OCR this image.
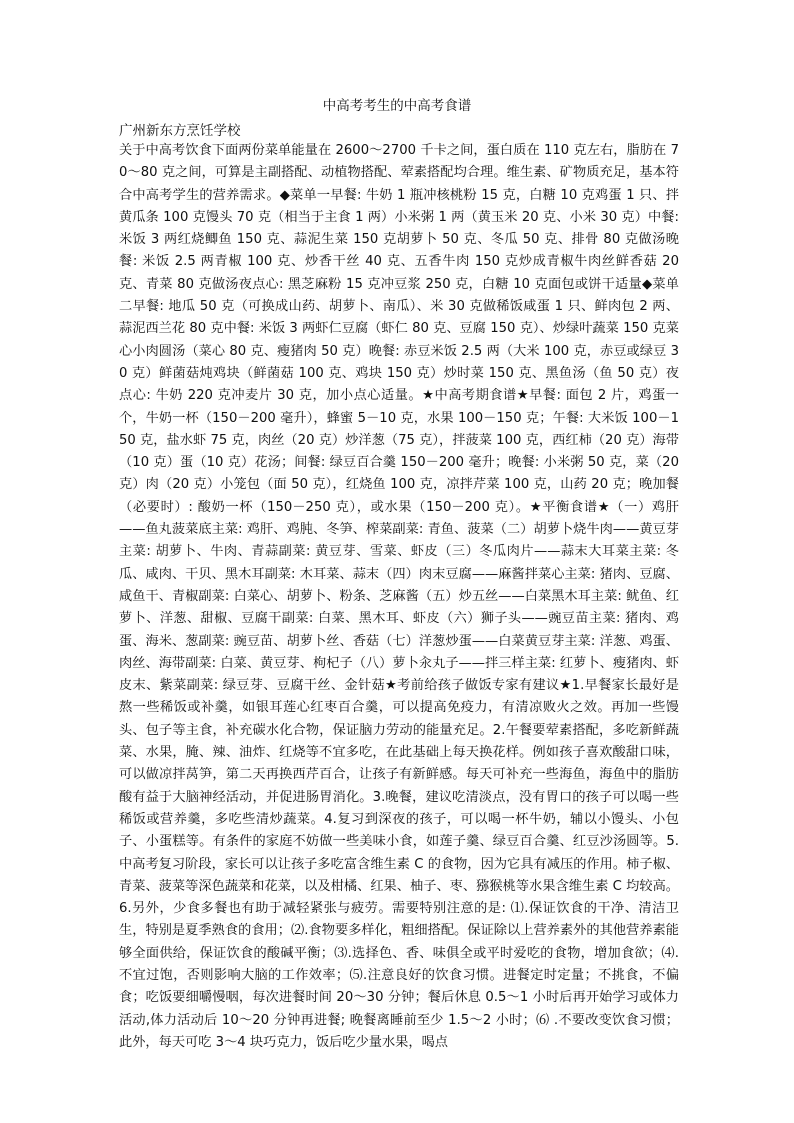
中高考考生的中高考食谱

广州新东方烹饪学校

关于中高考饮食下面两份菜单能量在 2600～2700 千卡之间，蛋白质在 110 克左右，脂肪在 70～80 克之间，可算是主副搭配、动植物搭配、荤素搭配均合理。维生素、矿物质充足，基本符合中高考学生的营养需求。◆菜单一早餐: 牛奶 1 瓶冲核桃粉 15 克，白糖 10 克鸡蛋 1 只、拌黄瓜条 100 克馒头 70 克（相当于主食 1 两）小米粥 1 两（黄玉米 20 克、小米 30 克）中餐: 米饭 3 两红烧鲫鱼 150 克、蒜泥生菜 150 克胡萝卜 50 克、冬瓜 50 克、排骨 80 克做汤晚餐: 米饭 2.5 两青椒 100 克、炒香干丝 40 克、五香牛肉 150 克炒成青椒牛肉丝鲜香菇 20 克、青菜 80 克做汤夜点心: 黑芝麻粉 15 克冲豆浆 250 克，白糖 10 克面包或饼干适量◆菜单二早餐: 地瓜 50 克（可换成山药、胡萝卜、南瓜）、米 30 克做稀饭咸蛋 1 只、鲜肉包 2 两、蒜泥西兰花 80 克中餐: 米饭 3 两虾仁豆腐（虾仁 80 克、豆腐 150 克）、炒绿叶蔬菜 150 克菜心小肉圆汤（菜心 80 克、瘦猪肉 50 克）晚餐: 赤豆米饭 2.5 两（大米 100 克，赤豆或绿豆 30 克）鲜菌菇炖鸡块（鲜菌菇 100 克、鸡块 150 克）炒时菜 150 克、黑鱼汤（鱼 50 克）夜点心: 牛奶 220 克冲麦片 30 克，加小点心适量。★中高考期食谱★早餐: 面包 2 片，鸡蛋一个，牛奶一杯（150－200 毫升），蜂蜜 5－10 克，水果 100－150 克；午餐: 大米饭 100－150 克，盐水虾 75 克，肉丝（20 克）炒洋葱（75 克），拌菠菜 100 克，西红柿（20 克）海带（10 克）蛋（10 克）花汤；间餐: 绿豆百合羹 150－200 毫升；晚餐: 小米粥 50 克，菜（20 克）肉（20 克）小笼包（面 50 克），红烧鱼 100 克，凉拌芹菜 100 克，山药 20 克；晚加餐（必要时）: 酸奶一杯（150－250 克），或水果（150－200 克）。★平衡食谱★（一）鸡肝——鱼丸菠菜底主菜: 鸡肝、鸡肫、冬笋、榨菜副菜: 青鱼、菠菜（二）胡萝卜烧牛肉——黄豆芽主菜: 胡萝卜、牛肉、青蒜副菜: 黄豆芽、雪菜、虾皮（三）冬瓜肉片——蒜末大耳菜主菜: 冬瓜、咸肉、干贝、黑木耳副菜: 木耳菜、蒜末（四）肉末豆腐——麻酱拌菜心主菜: 猪肉、豆腐、咸鱼干、青椒副菜: 白菜心、胡萝卜、粉条、芝麻酱（五）炒五丝——白菜黑木耳主菜: 鱿鱼、红萝卜、洋葱、甜椒、豆腐干副菜: 白菜、黑木耳、虾皮（六）狮子头——豌豆苗主菜: 猪肉、鸡蛋、海米、葱副菜: 豌豆苗、胡萝卜丝、香菇（七）洋葱炒蛋——白菜黄豆芽主菜: 洋葱、鸡蛋、肉丝、海带副菜: 白菜、黄豆芽、枸杞子（八）萝卜汆丸子——拌三样主菜: 红萝卜、瘦猪肉、虾皮末、紫菜副菜: 绿豆芽、豆腐干丝、金针菇★考前给孩子做饭专家有建议★1.早餐家长最好是熬一些稀饭或补羹，如银耳莲心红枣百合羹，可以提高免疫力，有清凉败火之效。再加一些馒头、包子等主食，补充碳水化合物，保证脑力劳动的能量充足。2.午餐要荤素搭配，多吃新鲜蔬菜、水果，腌、辣、油炸、红烧等不宜多吃，在此基础上每天换花样。例如孩子喜欢酸甜口味，可以做凉拌莴笋，第二天再换西芹百合，让孩子有新鲜感。每天可补充一些海鱼，海鱼中的脂肪酸有益于大脑神经活动，并促进肠胃消化。3.晚餐，建议吃清淡点，没有胃口的孩子可以喝一些稀饭或营养羹，多吃些清炒蔬菜。4.复习到深夜的孩子，可以喝一杯牛奶，辅以小馒头、小包子、小蛋糕等。有条件的家庭不妨做一些美味小食，如莲子羹、绿豆百合羹、红豆沙汤圆等。5.中高考复习阶段，家长可以让孩子多吃富含维生素 C 的食物，因为它具有减压的作用。柿子椒、青菜、菠菜等深色蔬菜和花菜，以及柑橘、红果、柚子、枣、猕猴桃等水果含维生素 C 均较高。6.另外，少食多餐也有助于减轻紧张与疲劳。需要特别注意的是: ⑴.保证饮食的干净、清洁卫生，特别是夏季熟食的食用；⑵.食物要多样化，粗细搭配。保证除以上营养素外的其他营养素能够全面供给，保证饮食的酸碱平衡；⑶.选择色、香、味俱全或平时爱吃的食物，增加食欲；⑷.不宜过饱，否则影响大脑的工作效率；⑸.注意良好的饮食习惯。进餐定时定量；不挑食，不偏食；吃饭要细嚼慢咽，每次进餐时间 20～30 分钟；餐后休息 0.5～1 小时后再开始学习或体力活动,体力活动后 10～20 分钟再进餐; 晚餐离睡前至少 1.5～2 小时；⑹ .不要改变饮食习惯；此外，每天可吃 3～4 块巧克力，饭后吃少量水果，喝点
